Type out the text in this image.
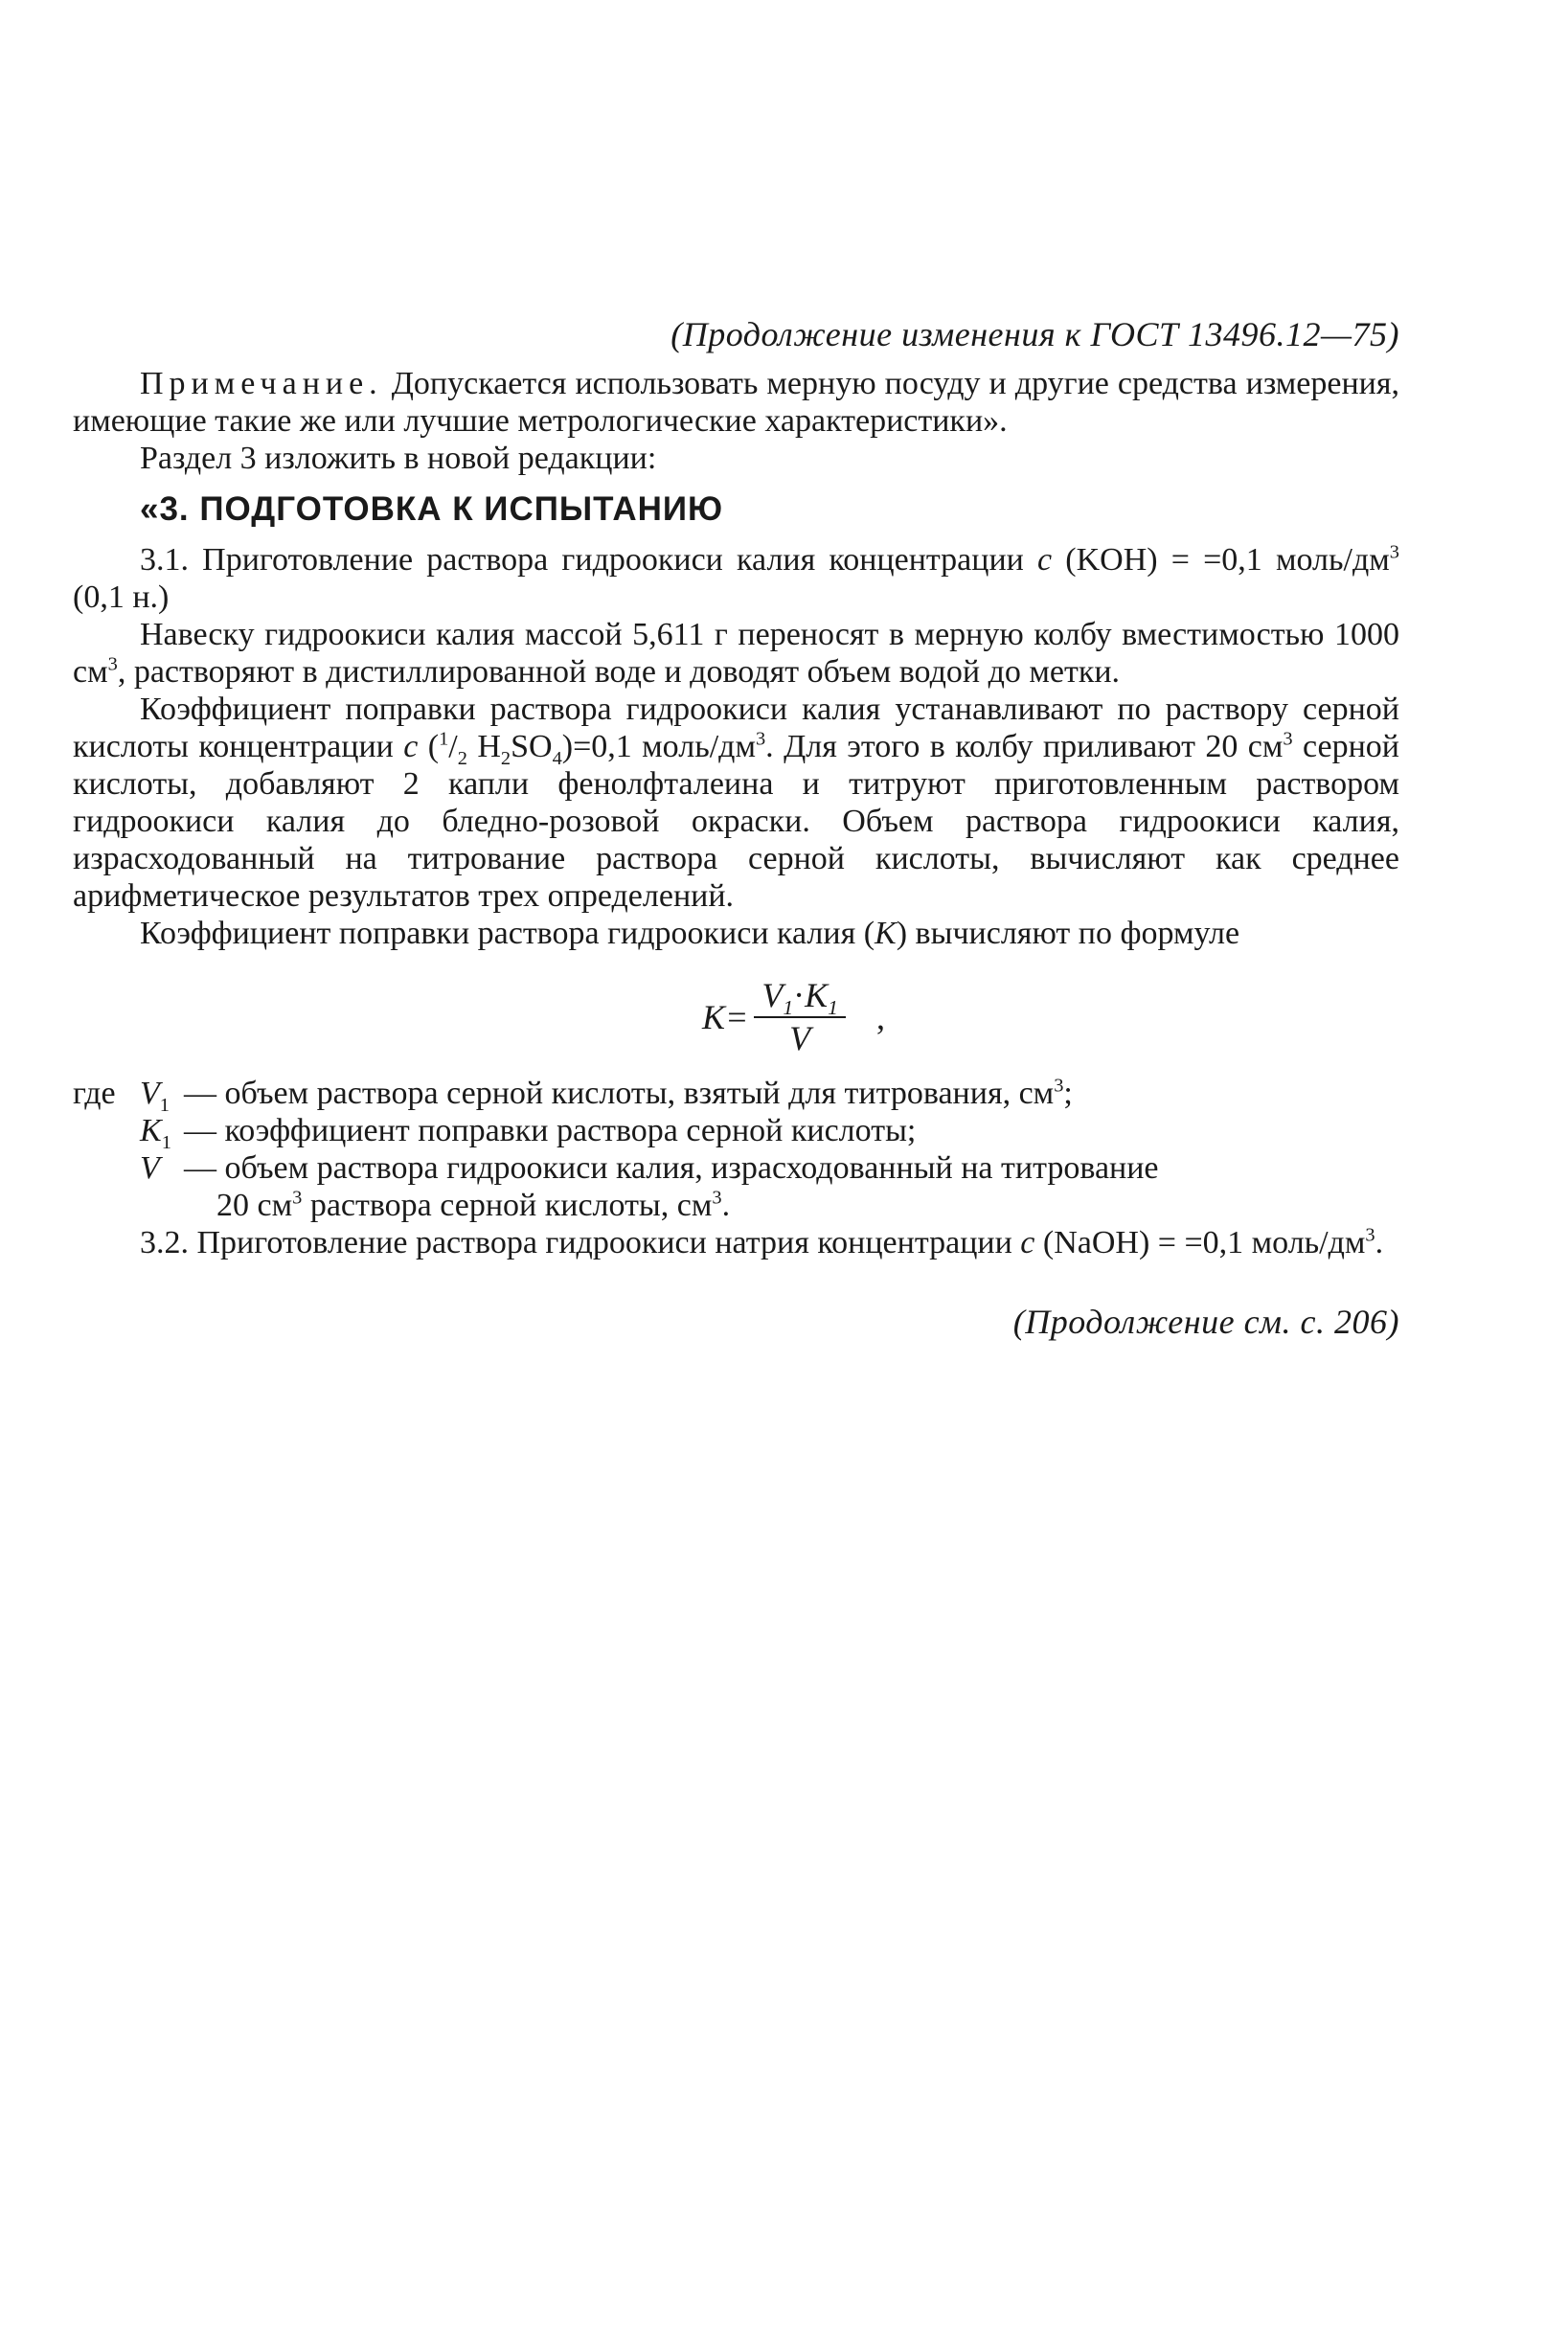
(Продолжение изменения к ГОСТ 13496.12—75)

Примечание. Допускается использовать мерную посуду и другие средства измерения, имеющие такие же или лучшие метрологические характеристики».

Раздел 3 изложить в новой редакции:

«3. ПОДГОТОВКА К ИСПЫТАНИЮ

3.1. Приготовление раствора гидроокиси калия концентрации c (KOH) = =0,1 моль/$дм^3$ (0,1 н.)

Навеску гидроокиси калия массой 5,611 г переносят в мерную колбу вместимостью 1000 $см^3$, растворяют в дистиллированной воде и доводят объем водой до метки.

Коэффициент поправки раствора гидроокиси калия устанавливают по раствору серной кислоты концентрации c ($^1/_2$ $H_2SO_4)=0,1$ моль/$дм^3$. Для этого в колбу приливают 20 $см^3$ серной кислоты, добавляют 2 капли фенолфталеина и титруют приготовленным раствором гидроокиси калия до бледно-розовой окраски. Объем раствора гидроокиси калия, израсходованный на титрование раствора серной кислоты, вычисляют как среднее арифметическое результатов трех определений.

Коэффициент поправки раствора гидроокиси калия (K) вычисляют по формуле

$K= \frac{V_1\cdot K_1}{V}$ ,
где $V_1$ — объем раствора серной кислоты, взятый для титрования, $см^3$;
$K_1$ — коэффициент поправки раствора серной кислоты;
V — объем раствора гидроокиси калия, израсходованный на титрование
20 $см^3$ раствора серной кислоты, $см^3$.

3.2. Приготовление раствора гидроокиси натрия концентрации c (NaOH) = =0,1 моль/$дм^3$.

(Продолжение см. с. 206)
